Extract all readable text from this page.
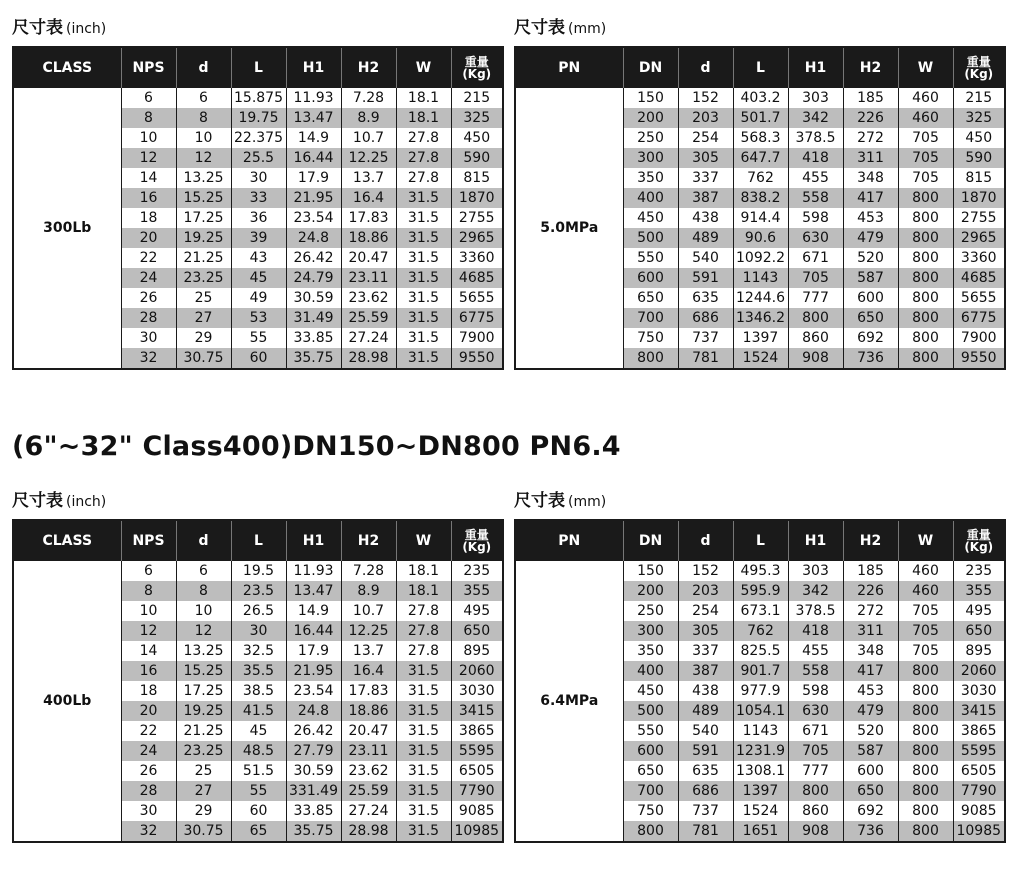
尺寸表 (inch)	尺寸表 (mm)
(6"~32" Class400)DN150~DN800 PN6.4
尺寸表 (inch)	尺寸表 (mm)
CLASS	NPS	d	L	H1	H2	W	重量
(Kg)
300Lb	6	6	15.875	11.93	7.28	18.1	215
	8	8	19.75	13.47	8.9	18.1	325
	10	10	22.375	14.9	10.7	27.8	450
	12	12	25.5	16.44	12.25	27.8	590
	14	13.25	30	17.9	13.7	27.8	815
	16	15.25	33	21.95	16.4	31.5	1870
	18	17.25	36	23.54	17.83	31.5	2755
	20	19.25	39	24.8	18.86	31.5	2965
	22	21.25	43	26.42	20.47	31.5	3360
	24	23.25	45	24.79	23.11	31.5	4685
	26	25	49	30.59	23.62	31.5	5655
	28	27	53	31.49	25.59	31.5	6775
	30	29	55	33.85	27.24	31.5	7900
	32	30.75	60	35.75	28.98	31.5	9550
PN	DN	d	L	H1	H2	W	重量
(Kg)
5.0MPa	150	152	403.2	303	185	460	215
	200	203	501.7	342	226	460	325
	250	254	568.3	378.5	272	705	450
	300	305	647.7	418	311	705	590
	350	337	762	455	348	705	815
	400	387	838.2	558	417	800	1870
	450	438	914.4	598	453	800	2755
	500	489	90.6	630	479	800	2965
	550	540	1092.2	671	520	800	3360
	600	591	1143	705	587	800	4685
	650	635	1244.6	777	600	800	5655
	700	686	1346.2	800	650	800	6775
	750	737	1397	860	692	800	7900
	800	781	1524	908	736	800	9550
CLASS	NPS	d	L	H1	H2	W	重量
(Kg)
400Lb	6	6	19.5	11.93	7.28	18.1	235
	8	8	23.5	13.47	8.9	18.1	355
	10	10	26.5	14.9	10.7	27.8	495
	12	12	30	16.44	12.25	27.8	650
	14	13.25	32.5	17.9	13.7	27.8	895
	16	15.25	35.5	21.95	16.4	31.5	2060
	18	17.25	38.5	23.54	17.83	31.5	3030
	20	19.25	41.5	24.8	18.86	31.5	3415
	22	21.25	45	26.42	20.47	31.5	3865
	24	23.25	48.5	27.79	23.11	31.5	5595
	26	25	51.5	30.59	23.62	31.5	6505
	28	27	55	331.49	25.59	31.5	7790
	30	29	60	33.85	27.24	31.5	9085
	32	30.75	65	35.75	28.98	31.5	10985
PN	DN	d	L	H1	H2	W	重量
(Kg)
6.4MPa	150	152	495.3	303	185	460	235
	200	203	595.9	342	226	460	355
	250	254	673.1	378.5	272	705	495
	300	305	762	418	311	705	650
	350	337	825.5	455	348	705	895
	400	387	901.7	558	417	800	2060
	450	438	977.9	598	453	800	3030
	500	489	1054.1	630	479	800	3415
	550	540	1143	671	520	800	3865
	600	591	1231.9	705	587	800	5595
	650	635	1308.1	777	600	800	6505
	700	686	1397	800	650	800	7790
	750	737	1524	860	692	800	9085
	800	781	1651	908	736	800	10985
